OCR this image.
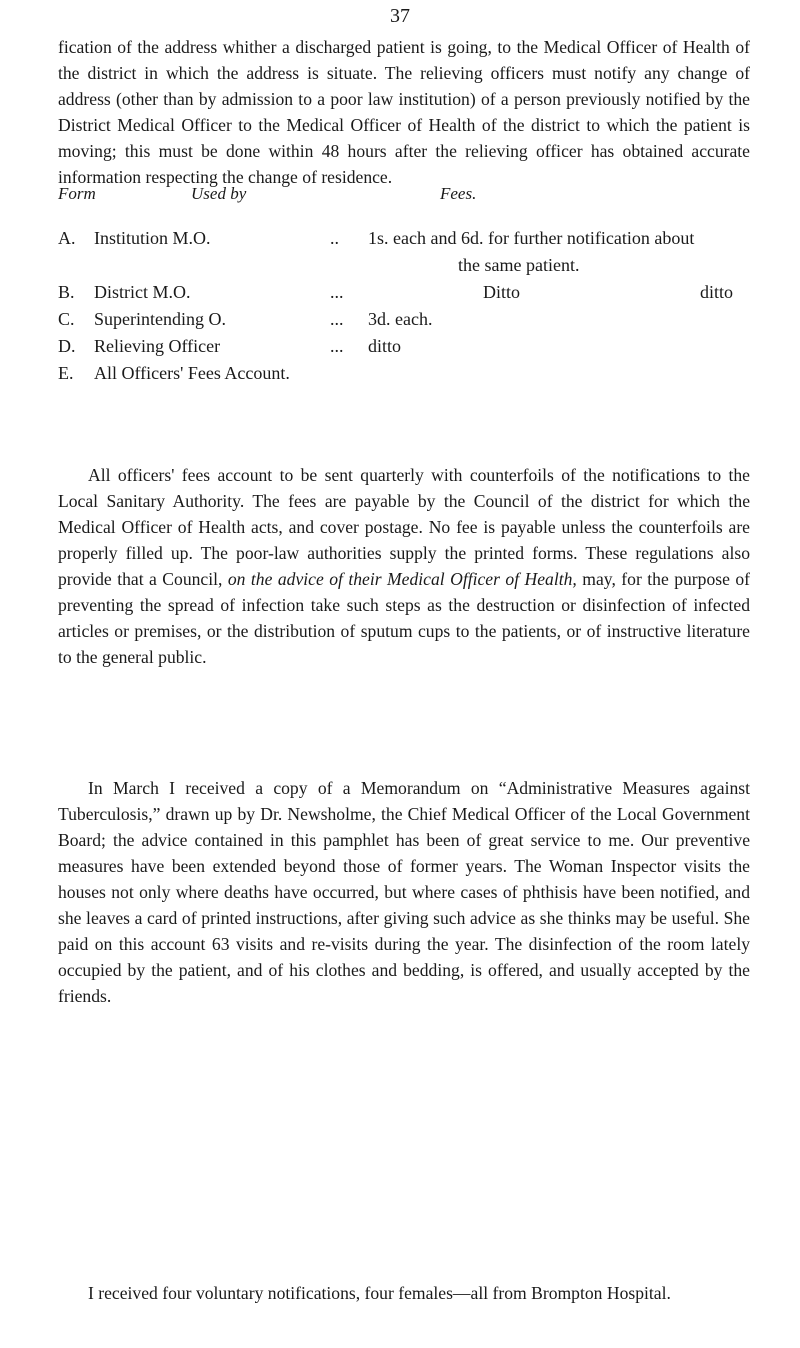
37

fication of the address whither a discharged patient is going, to the Medical Officer of Health of the district in which the address is situate. The relieving officers must notify any change of address (other than by admission to a poor law institution) of a person previously notified by the District Medical Officer to the Medical Officer of Health of the district to which the patient is moving; this must be done within 48 hours after the relieving officer has obtained accurate information respecting the change of residence.

Form	Used by	Fees.
A.	Institution M.O.	.. 1s. each and 6d. for further notification about
the same patient.
B.	District M.O.	...	Ditto	ditto
C.	Superintending O.	... 3d. each.
D.	Relieving Officer	... ditto
E.	All Officers' Fees Account.

All officers' fees account to be sent quarterly with counterfoils of the notifications to the Local Sanitary Authority. The fees are payable by the Council of the district for which the Medical Officer of Health acts, and cover postage. No fee is payable unless the counterfoils are properly filled up. The poor-law authorities supply the printed forms. These regulations also provide that a Council, on the advice of their Medical Officer of Health, may, for the purpose of preventing the spread of infection take such steps as the destruction or disinfection of infected articles or premises, or the distribution of sputum cups to the patients, or of instructive literature to the general public.

In March I received a copy of a Memorandum on “Administrative Measures against Tuberculosis,” drawn up by Dr. Newsholme, the Chief Medical Officer of the Local Government Board; the advice contained in this pamphlet has been of great service to me. Our preventive measures have been extended beyond those of former years. The Woman Inspector visits the houses not only where deaths have occurred, but where cases of phthisis have been notified, and she leaves a card of printed instructions, after giving such advice as she thinks may be useful. She paid on this account 63 visits and re-visits during the year. The disinfection of the room lately occupied by the patient, and of his clothes and bedding, is offered, and usually accepted by the friends.

I received four voluntary notifications, four females—all from Brompton Hospital.
